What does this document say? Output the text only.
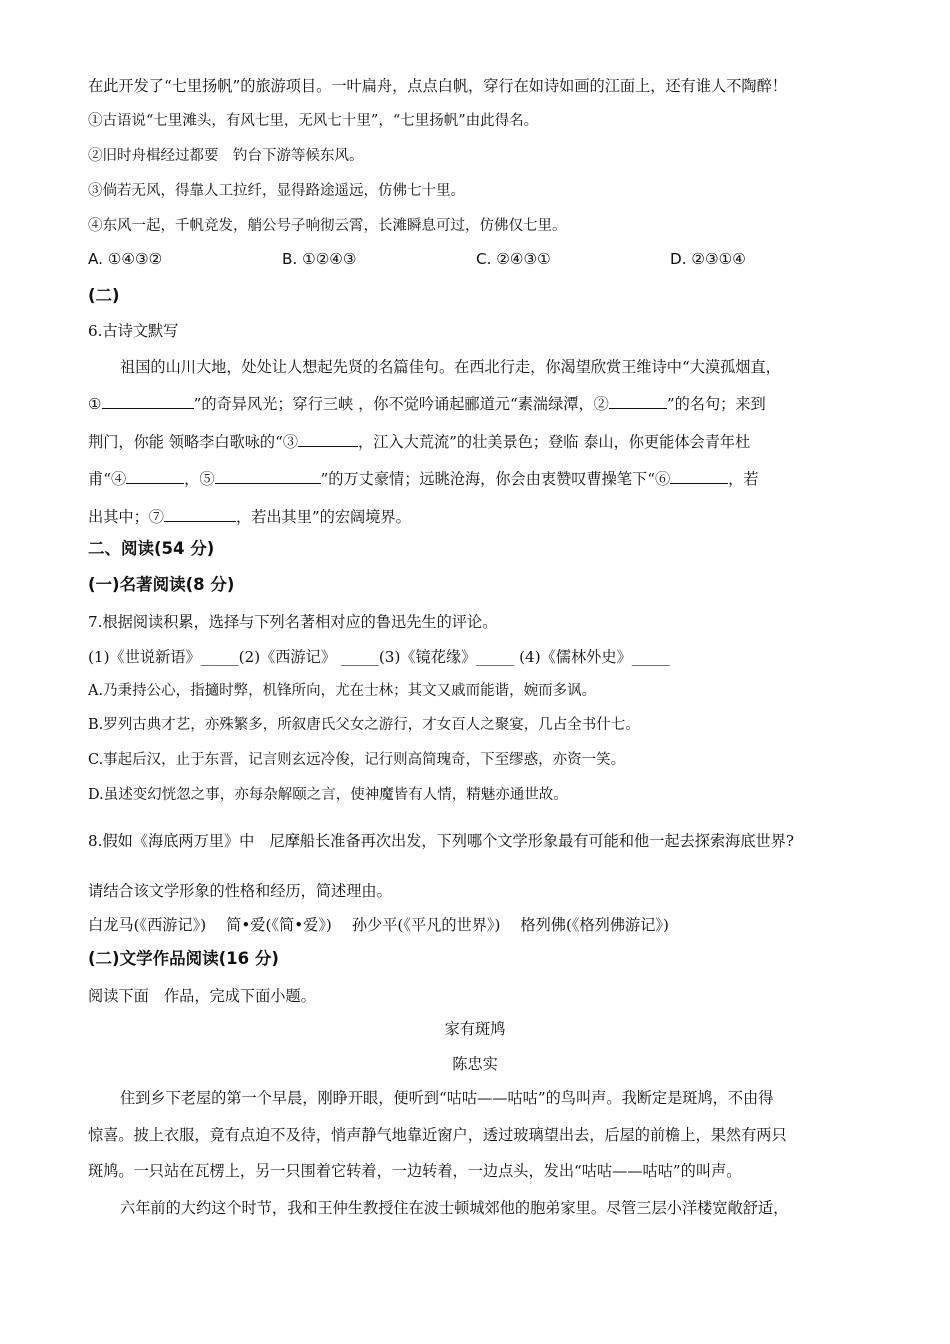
在此开发了“七里扬帆”的旅游项目。一叶扁舟，点点白帆，穿行在如诗如画的江面上，还有谁人不陶醉！
①古语说“七里滩头，有风七里，无风七十里”，“七里扬帆”由此得名。
②旧时舟楫经过都要　钓台下游等候东风。
③倘若无风，得靠人工拉纤，显得路途遥远，仿佛七十里。
④东风一起，千帆竞发，艄公号子响彻云霄，长滩瞬息可过，仿佛仅七里。
A. ①④③②	B. ①②④③	C. ②④③①	D. ②③①④
(二)
6.古诗文默写
祖国的山川大地，处处让人想起先贤的名篇佳句。在西北行走，你渴望欣赏王维诗中“大漠孤烟直，
①	”的奇异风光；穿行三峡 ，你不觉吟诵起郦道元“素湍绿潭，②	”的名句；来到
荆门，你能 领略李白歌咏的“③	，江入大荒流”的壮美景色；登临 泰山，你更能体会青年杜
甫“④	，⑤	”的万丈豪情；远眺沧海，你会由衷赞叹曹操笔下“⑥	，若
出其中；⑦	，若出其里”的宏阔境界。
二、阅读(54 分)
(一)名著阅读(8 分)
7.根据阅读积累，选择与下列名著相对应的鲁迅先生的评论。
(1)《世说新语》_____(2)《西游记》 _____(3)《镜花缘》_____ (4)《儒林外史》_____
A.乃秉持公心，指擿时弊，机锋所向，尤在士林；其文又戚而能谐，婉而多讽。
B.罗列古典才艺，亦殊繁多，所叙唐氏父女之游行，才女百人之聚宴，几占全书什七。
C.事起后汉，止于东晋，记言则玄远冷俊，记行则高简瑰奇，下至缪惑，亦资一笑。
D.虽述变幻恍忽之事，亦每杂解颐之言，使神魔皆有人情，精魅亦通世故。
8.假如《海底两万里》中　尼摩船长准备再次出发，下列哪个文学形象最有可能和他一起去探索海底世界?
请结合该文学形象的性格和经历，简述理由。
白龙马(《西游记》)　 简•爱(《简•爱》)　 孙少平(《平凡的世界》)　 格列佛(《格列佛游记》)
(二)文学作品阅读(16 分)
阅读下面　作品，完成下面小题。
家有斑鸠
陈忠实
住到乡下老屋的第一个早晨，刚睁开眼，便听到“咕咕——咕咕”的鸟叫声。我断定是斑鸠，不由得
惊喜。披上衣服，竟有点迫不及待，悄声静气地靠近窗户，透过玻璃望出去，后屋的前檐上，果然有两只
斑鸠。一只站在瓦楞上，另一只围着它转着，一边转着，一边点头，发出“咕咕——咕咕”的叫声。
六年前的大约这个时节，我和王仲生教授住在波士顿城郊他的胞弟家里。尽管三层小洋楼宽敞舒适，
